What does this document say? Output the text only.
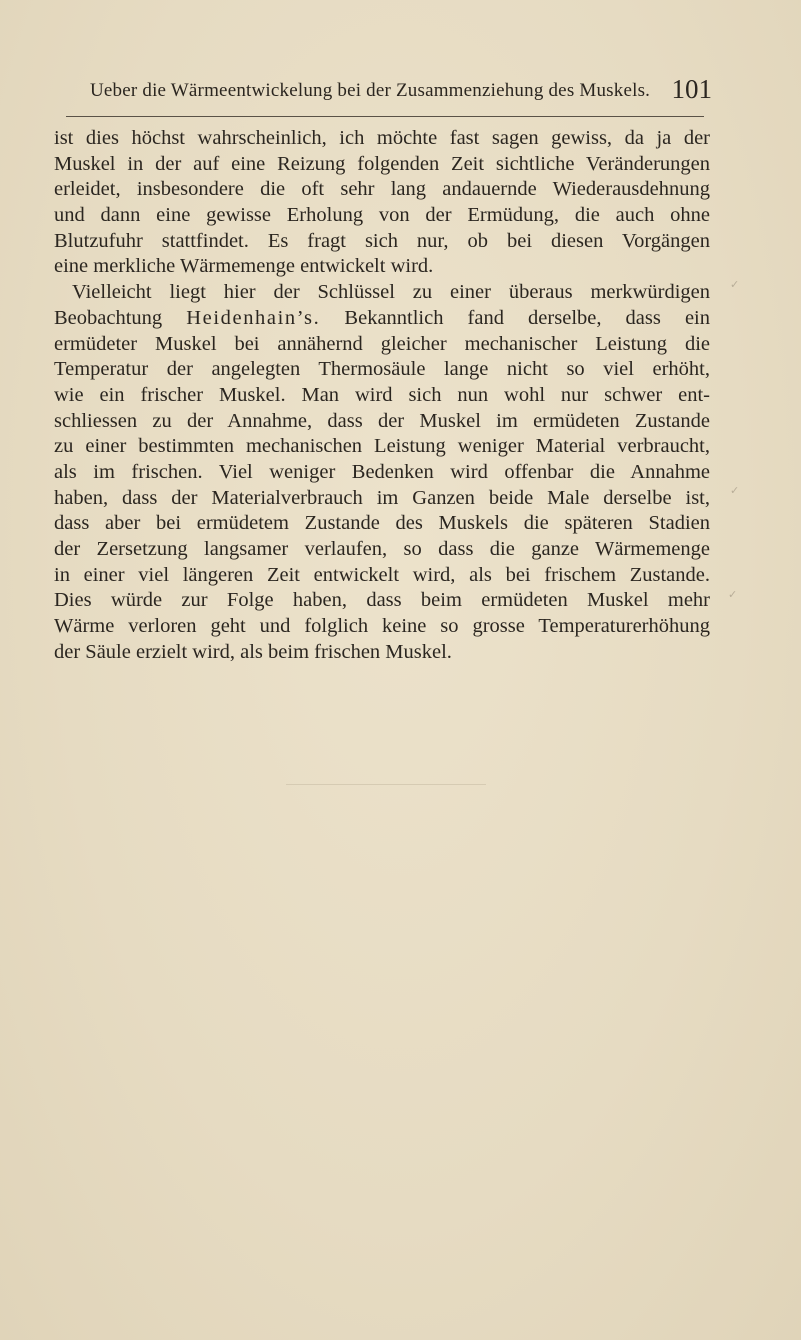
Ueber die Wärmeentwickelung bei der Zusammenziehung des Muskels. 101
ist dies höchst wahrscheinlich, ich möchte fast sagen gewiss, da ja der
Muskel in der auf eine Reizung folgenden Zeit sichtliche Veränderungen
erleidet, insbesondere die oft sehr lang andauernde Wiederausdehnung
und dann eine gewisse Erholung von der Ermüdung, die auch ohne
Blutzufuhr stattfindet. Es fragt sich nur, ob bei diesen Vorgängen
eine merkliche Wärmemenge entwickelt wird.
Vielleicht liegt hier der Schlüssel zu einer überaus merkwürdigen
Beobachtung Heidenhain’s. Bekanntlich fand derselbe, dass ein
ermüdeter Muskel bei annähernd gleicher mechanischer Leistung die
Temperatur der angelegten Thermosäule lange nicht so viel erhöht,
wie ein frischer Muskel. Man wird sich nun wohl nur schwer ent-
schliessen zu der Annahme, dass der Muskel im ermüdeten Zustande
zu einer bestimmten mechanischen Leistung weniger Material verbraucht,
als im frischen. Viel weniger Bedenken wird offenbar die Annahme
haben, dass der Materialverbrauch im Ganzen beide Male derselbe ist,
dass aber bei ermüdetem Zustande des Muskels die späteren Stadien
der Zersetzung langsamer verlaufen, so dass die ganze Wärmemenge
in einer viel längeren Zeit entwickelt wird, als bei frischem Zustande.
Dies würde zur Folge haben, dass beim ermüdeten Muskel mehr
Wärme verloren geht und folglich keine so grosse Temperaturerhöhung
der Säule erzielt wird, als beim frischen Muskel.
✓
✓
✓
